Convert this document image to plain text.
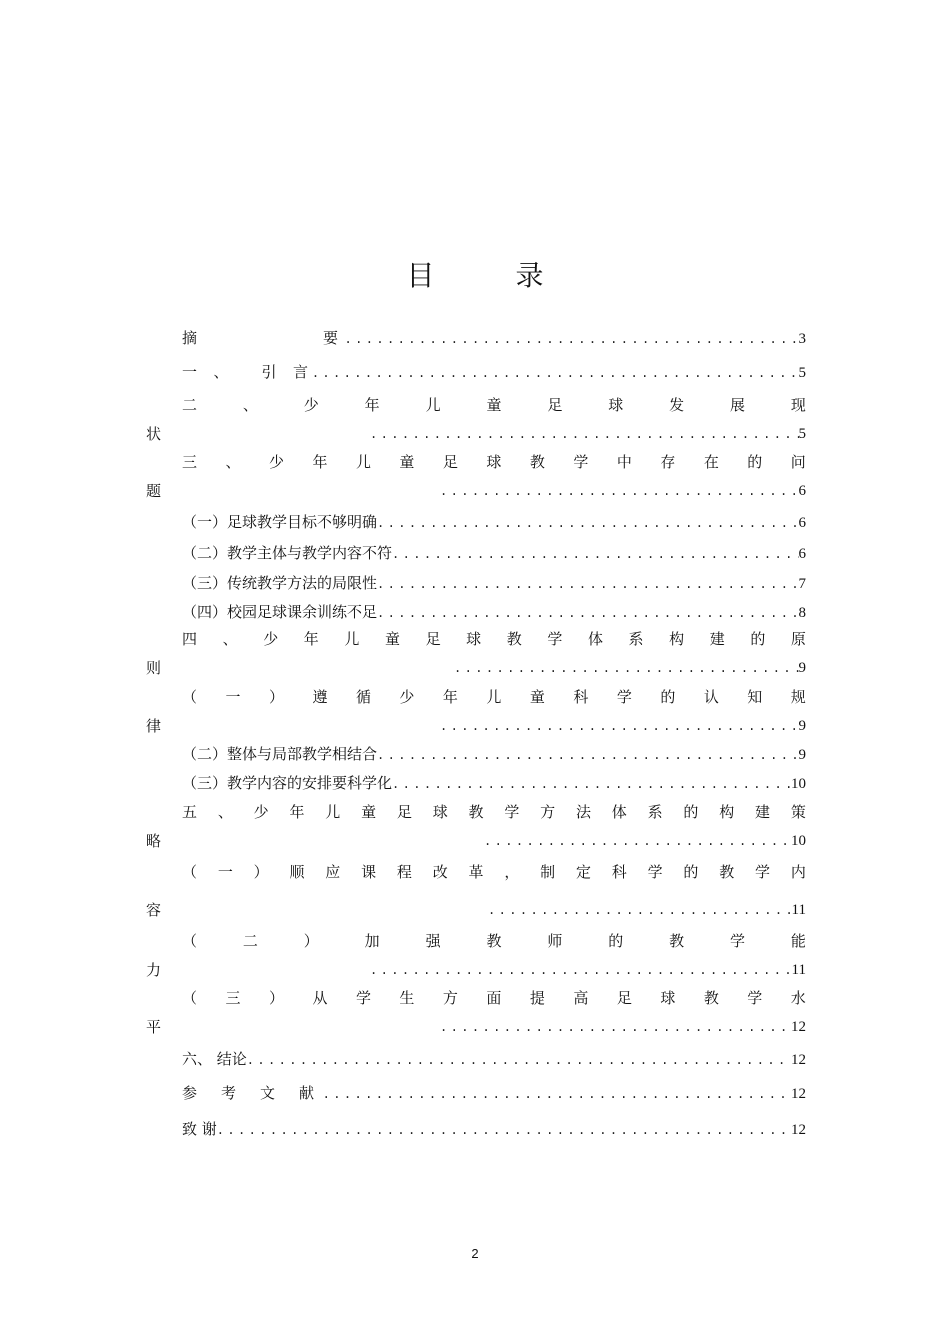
目 录
摘	要 .....	3
一 、 引 言 .....	5
二	、	少	年	儿	童	足	球	发	展	现
状 .....	5
三 、 少 年 儿 童 足 球 教 学 中 存 在 的 问
题 .....	6
（一）足球教学目标不够明确 .....	6
（二）教学主体与教学内容不符 .....	6
（三）传统教学方法的局限性 .....	7
（四）校园足球课余训练不足 .....	8
四 、 少 年 儿 童 足 球 教 学 体 系 构 建 的 原
则 .....	9
（ 一 ） 遵 循 少 年 儿 童 科 学 的 认 知 规
律 .....	9
（二）整体与局部教学相结合 .....	9
（三）教学内容的安排要科学化 .....	10
五 、 少 年 儿 童 足 球 教 学 方 法 体 系 的 构 建 策
略 .....	10
（ 一 ） 顺 应 课 程 改 革 ， 制 定 科 学 的 教 学 内
容 .....	11
（	二	）	加	强	教	师	的	教	学	能
力 .....	11
（ 三 ） 从 学 生 方 面 提 高 足 球 教 学 水
平 .....	12
六、 结论 .....	12
参 考 文 献 .....	12
致 谢 .....	12
2
